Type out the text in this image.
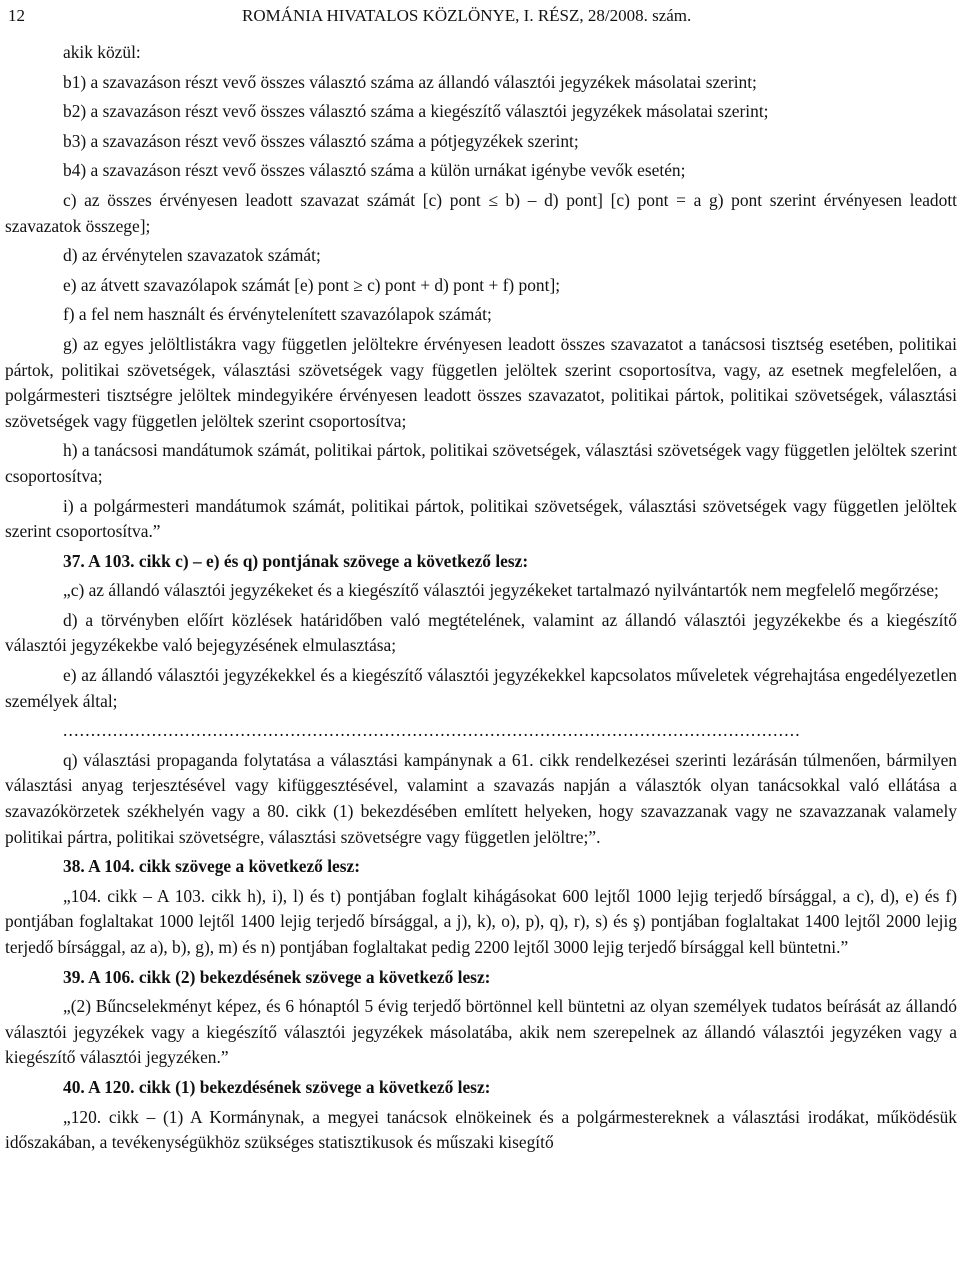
12	ROMÁNIA HIVATALOS KÖZLÖNYE, I. RÉSZ, 28/2008. szám.

akik közül:

b1) a szavazáson részt vevő összes választó száma az állandó választói jegyzékek másolatai szerint;

b2) a szavazáson részt vevő összes választó száma a kiegészítő választói jegyzékek másolatai szerint;

b3) a szavazáson részt vevő összes választó száma a pótjegyzékek szerint;

b4) a szavazáson részt vevő összes választó száma a külön urnákat igénybe vevők esetén;

c) az összes érvényesen leadott szavazat számát [c) pont ≤ b) – d) pont] [c) pont = a g) pont szerint érvényesen leadott szavazatok összege];

d) az érvénytelen szavazatok számát;

e) az átvett szavazólapok számát [e) pont ≥ c) pont + d) pont + f) pont];

f) a fel nem használt és érvénytelenített szavazólapok számát;

g) az egyes jelöltlistákra vagy független jelöltekre érvényesen leadott összes szavazatot a tanácsosi tisztség esetében, politikai pártok, politikai szövetségek, választási szövetségek vagy független jelöltek szerint csoportosítva, vagy, az esetnek megfelelően, a polgármesteri tisztségre jelöltek mindegyikére érvényesen leadott összes szavazatot, politikai pártok, politikai szövetségek, választási szövetségek vagy független jelöltek szerint csoportosítva;

h) a tanácsosi mandátumok számát, politikai pártok, politikai szövetségek, választási szövetségek vagy független jelöltek szerint csoportosítva;

i) a polgármesteri mandátumok számát, politikai pártok, politikai szövetségek, választási szövetségek vagy független jelöltek szerint csoportosítva.”

37. A 103. cikk c) – e) és q) pontjának szövege a következő lesz:

„c) az állandó választói jegyzékeket és a kiegészítő választói jegyzékeket tartalmazó nyilvántartók nem megfelelő megőrzése;

d) a törvényben előírt közlések határidőben való megtételének, valamint az állandó választói jegyzékekbe és a kiegészítő választói jegyzékekbe való bejegyzésének elmulasztása;

e) az állandó választói jegyzékekkel és a kiegészítő választói jegyzékekkel kapcsolatos műveletek végrehajtása engedélyezetlen személyek által;

.....................................................................................................................................

q) választási propaganda folytatása a választási kampánynak a 61. cikk rendelkezései szerinti lezárásán túlmenően, bármilyen választási anyag terjesztésével vagy kifüggesztésével, valamint a szavazás napján a választók olyan tanácsokkal való ellátása a szavazókörzetek székhelyén vagy a 80. cikk (1) bekezdésében említett helyeken, hogy szavazzanak vagy ne szavazzanak valamely politikai pártra, politikai szövetségre, választási szövetségre vagy független jelöltre;”.

38. A 104. cikk szövege a következő lesz:

„104. cikk – A 103. cikk h), i), l) és t) pontjában foglalt kihágásokat 600 lejtől 1000 lejig terjedő bírsággal, a c), d), e) és f) pontjában foglaltakat 1000 lejtől 1400 lejig terjedő bírsággal, a j), k), o), p), q), r), s) és ş) pontjában foglaltakat 1400 lejtől 2000 lejig terjedő bírsággal, az a), b), g), m) és n) pontjában foglaltakat pedig 2200 lejtől 3000 lejig terjedő bírsággal kell büntetni.”

39. A 106. cikk (2) bekezdésének szövege a következő lesz:

„(2) Bűncselekményt képez, és 6 hónaptól 5 évig terjedő börtönnel kell büntetni az olyan személyek tudatos beírását az állandó választói jegyzékek vagy a kiegészítő választói jegyzékek másolatába, akik nem szerepelnek az állandó választói jegyzéken vagy a kiegészítő választói jegyzéken.”

40. A 120. cikk (1) bekezdésének szövege a következő lesz:

„120. cikk – (1) A Kormánynak, a megyei tanácsok elnökeinek és a polgármestereknek a választási irodákat, működésük időszakában, a tevékenységükhöz szükséges statisztikusok és műszaki kisegítő
